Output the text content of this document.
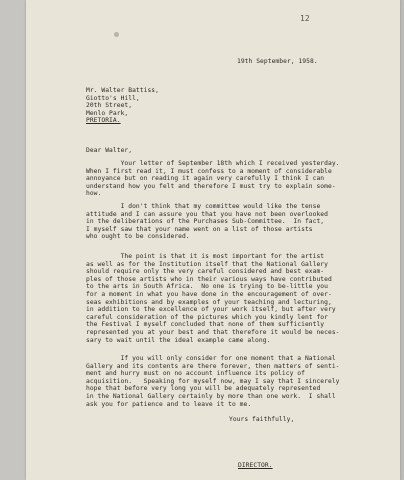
12

19th September, 1958.

Mr. Walter Battiss,
Giotto's Hill,
20th Street,
Menlo Park,
PRETORIA.

Dear Walter,

Your letter of September 18th which I received yesterday.
When I first read it, I must confess to a moment of considerable
annoyance but on reading it again very carefully I think I can
understand how you felt and therefore I must try to explain some-
how.
I don't think that my committee would like the tense
attitude and I can assure you that you have not been overlooked
in the deliberations of the Purchases Sub-Committee.  In fact,
I myself saw that your name went on a list of those artists
who ought to be considered.
The point is that it is most important for the artist
as well as for the Institution itself that the National Gallery
should require only the very careful considered and best exam-
ples of those artists who in their various ways have contributed
to the arts in South Africa.  No one is trying to be-little you
for a moment in what you have done in the encouragement of over-
seas exhibitions and by examples of your teaching and lecturing,
in addition to the excellence of your work itself, but after very
careful consideration of the pictures which you kindly lent for
the Festival I myself concluded that none of them sufficiently
represented you at your best and that therefore it would be neces-
sary to wait until the ideal example came along.
If you will only consider for one moment that a National
Gallery and its contents are there forever, then matters of senti-
ment and hurry must on no account influence its policy of
acquisition.   Speaking for myself now, may I say that I sincerely
hope that before very long you will be adequately represented
in the National Gallery certainly by more than one work.  I shall
ask you for patience and to leave it to me.

Yours faithfully,

DIRECTOR.
